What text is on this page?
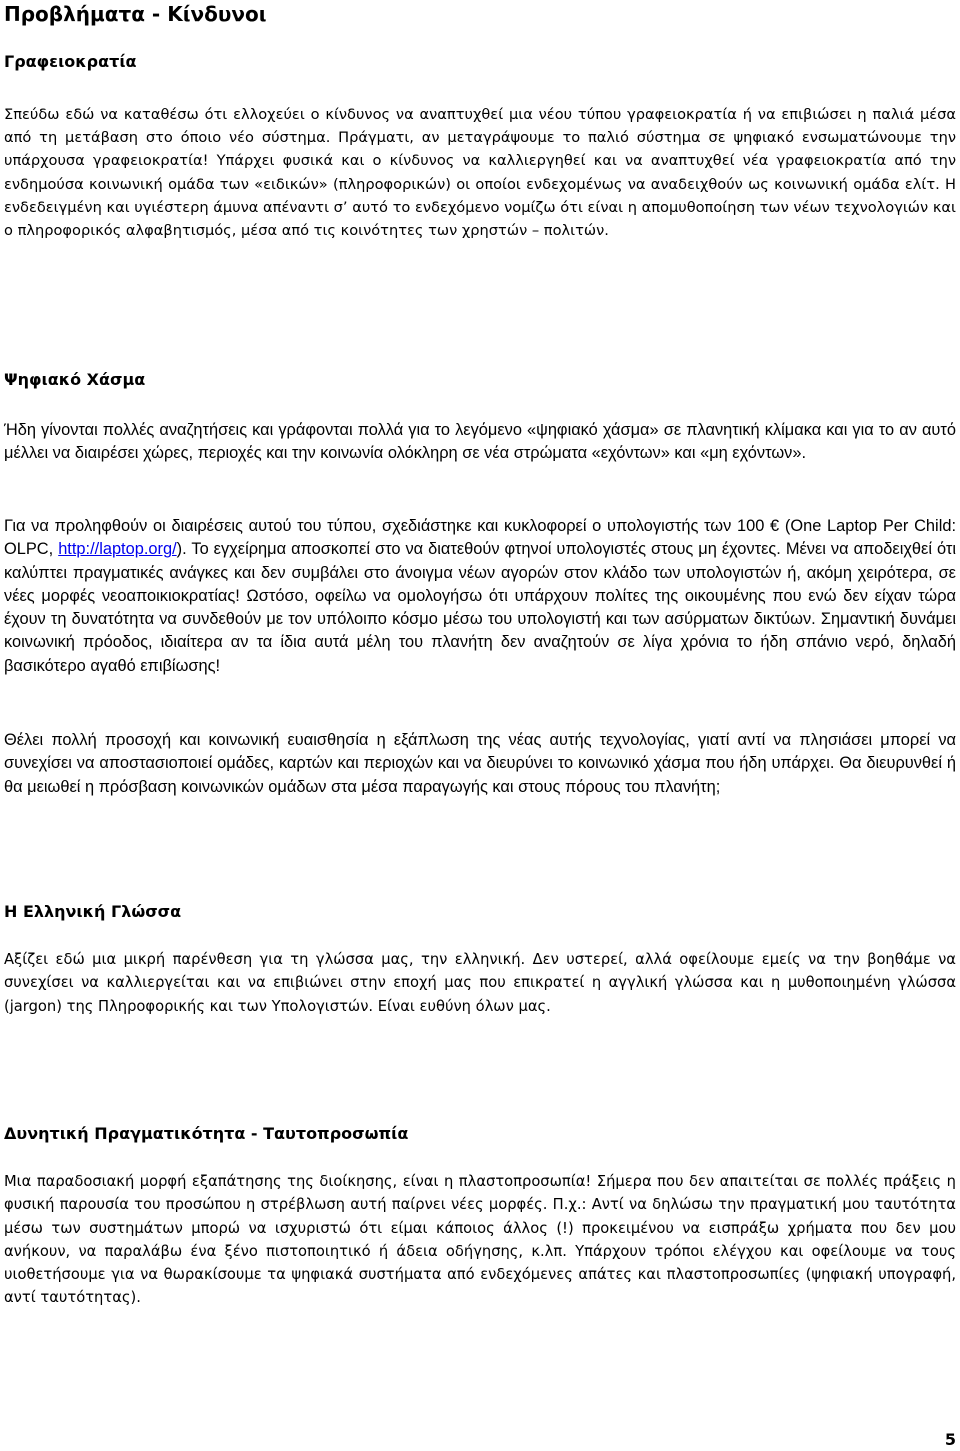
Προβλήματα - Κίνδυνοι
Γραφειοκρατία

Σπεύδω εδώ να καταθέσω ότι ελλοχεύει ο κίνδυνος να αναπτυχθεί μια νέου τύπου γραφειοκρατία ή να επιβιώσει η παλιά μέσα από τη μετάβαση στο όποιο νέο σύστημα. Πράγματι, αν μεταγράψουμε το παλιό σύστημα σε ψηφιακό ενσωματώνουμε την υπάρχουσα γραφειοκρατία! Υπάρχει φυσικά και ο κίνδυνος να καλλιεργηθεί και να αναπτυχθεί νέα γραφειοκρατία από την ενδημούσα κοινωνική ομάδα των «ειδικών» (πληροφορικών) οι οποίοι ενδεχομένως να αναδειχθούν ως κοινωνική ομάδα ελίτ. Η ενδεδειγμένη και υγιέστερη άμυνα απέναντι σ’ αυτό το ενδεχόμενο νομίζω ότι είναι η απομυθοποίηση των νέων τεχνολογιών και ο πληροφορικός αλφαβητισμός, μέσα από τις κοινότητες των χρηστών – πολιτών.

Ψηφιακό Χάσμα

Ήδη γίνονται πολλές αναζητήσεις και γράφονται πολλά για το λεγόμενο «ψηφιακό χάσμα» σε πλανητική κλίμακα και για το αν αυτό μέλλει να διαιρέσει χώρες, περιοχές και την κοινωνία ολόκληρη σε νέα στρώματα «εχόντων» και «μη εχόντων».

Για να προληφθούν οι διαιρέσεις αυτού του τύπου, σχεδιάστηκε και κυκλοφορεί ο υπολογιστής των 100 € (One Laptop Per Child: OLPC, http://laptop.org/). Το εγχείρημα αποσκοπεί στο να διατεθούν φτηνοί υπολογιστές στους μη έχοντες. Μένει να αποδειχθεί ότι καλύπτει πραγματικές ανάγκες και δεν συμβάλει στο άνοιγμα νέων αγορών στον κλάδο των υπολογιστών ή, ακόμη χειρότερα, σε νέες μορφές νεοαποικιοκρατίας! Ωστόσο, οφείλω να ομολογήσω ότι υπάρχουν πολίτες της οικουμένης που ενώ δεν είχαν τώρα έχουν τη δυνατότητα να συνδεθούν με τον υπόλοιπο κόσμο μέσω του υπολογιστή και των ασύρματων δικτύων. Σημαντική δυνάμει κοινωνική πρόοδος, ιδιαίτερα αν τα ίδια αυτά μέλη του πλανήτη δεν αναζητούν σε λίγα χρόνια το ήδη σπάνιο νερό, δηλαδή βασικότερο αγαθό επιβίωσης!

Θέλει πολλή προσοχή και κοινωνική ευαισθησία η εξάπλωση της νέας αυτής τεχνολογίας, γιατί αντί να πλησιάσει μπορεί να συνεχίσει να αποστασιοποιεί ομάδες, καρτών και περιοχών και να διευρύνει το κοινωνικό χάσμα που ήδη υπάρχει. Θα διευρυνθεί ή θα μειωθεί η πρόσβαση κοινωνικών ομάδων στα μέσα παραγωγής και στους πόρους του πλανήτη;

Η Ελληνική Γλώσσα

Αξίζει εδώ μια μικρή παρένθεση για τη γλώσσα μας, την ελληνική. Δεν υστερεί, αλλά οφείλουμε εμείς να την βοηθάμε να συνεχίσει να καλλιεργείται και να επιβιώνει στην εποχή μας που επικρατεί η αγγλική γλώσσα και η μυθοποιημένη γλώσσα (jargon) της Πληροφορικής και των Υπολογιστών. Είναι ευθύνη όλων μας.

Δυνητική Πραγματικότητα - Ταυτοπροσωπία

Μια παραδοσιακή μορφή εξαπάτησης της διοίκησης, είναι η πλαστοπροσωπία! Σήμερα που δεν απαιτείται σε πολλές πράξεις η φυσική παρουσία του προσώπου η στρέβλωση αυτή παίρνει νέες μορφές. Π.χ.: Αντί να δηλώσω την πραγματική μου ταυτότητα μέσω των συστημάτων μπορώ να ισχυριστώ ότι είμαι κάποιος άλλος (!) προκειμένου να εισπράξω χρήματα που δεν μου ανήκουν, να παραλάβω ένα ξένο πιστοποιητικό ή άδεια οδήγησης, κ.λπ. Υπάρχουν τρόποι ελέγχου και οφείλουμε να τους υιοθετήσουμε για να θωρακίσουμε τα ψηφιακά συστήματα από ενδεχόμενες απάτες και πλαστοπροσωπίες (ψηφιακή υπογραφή, αντί ταυτότητας).

5
